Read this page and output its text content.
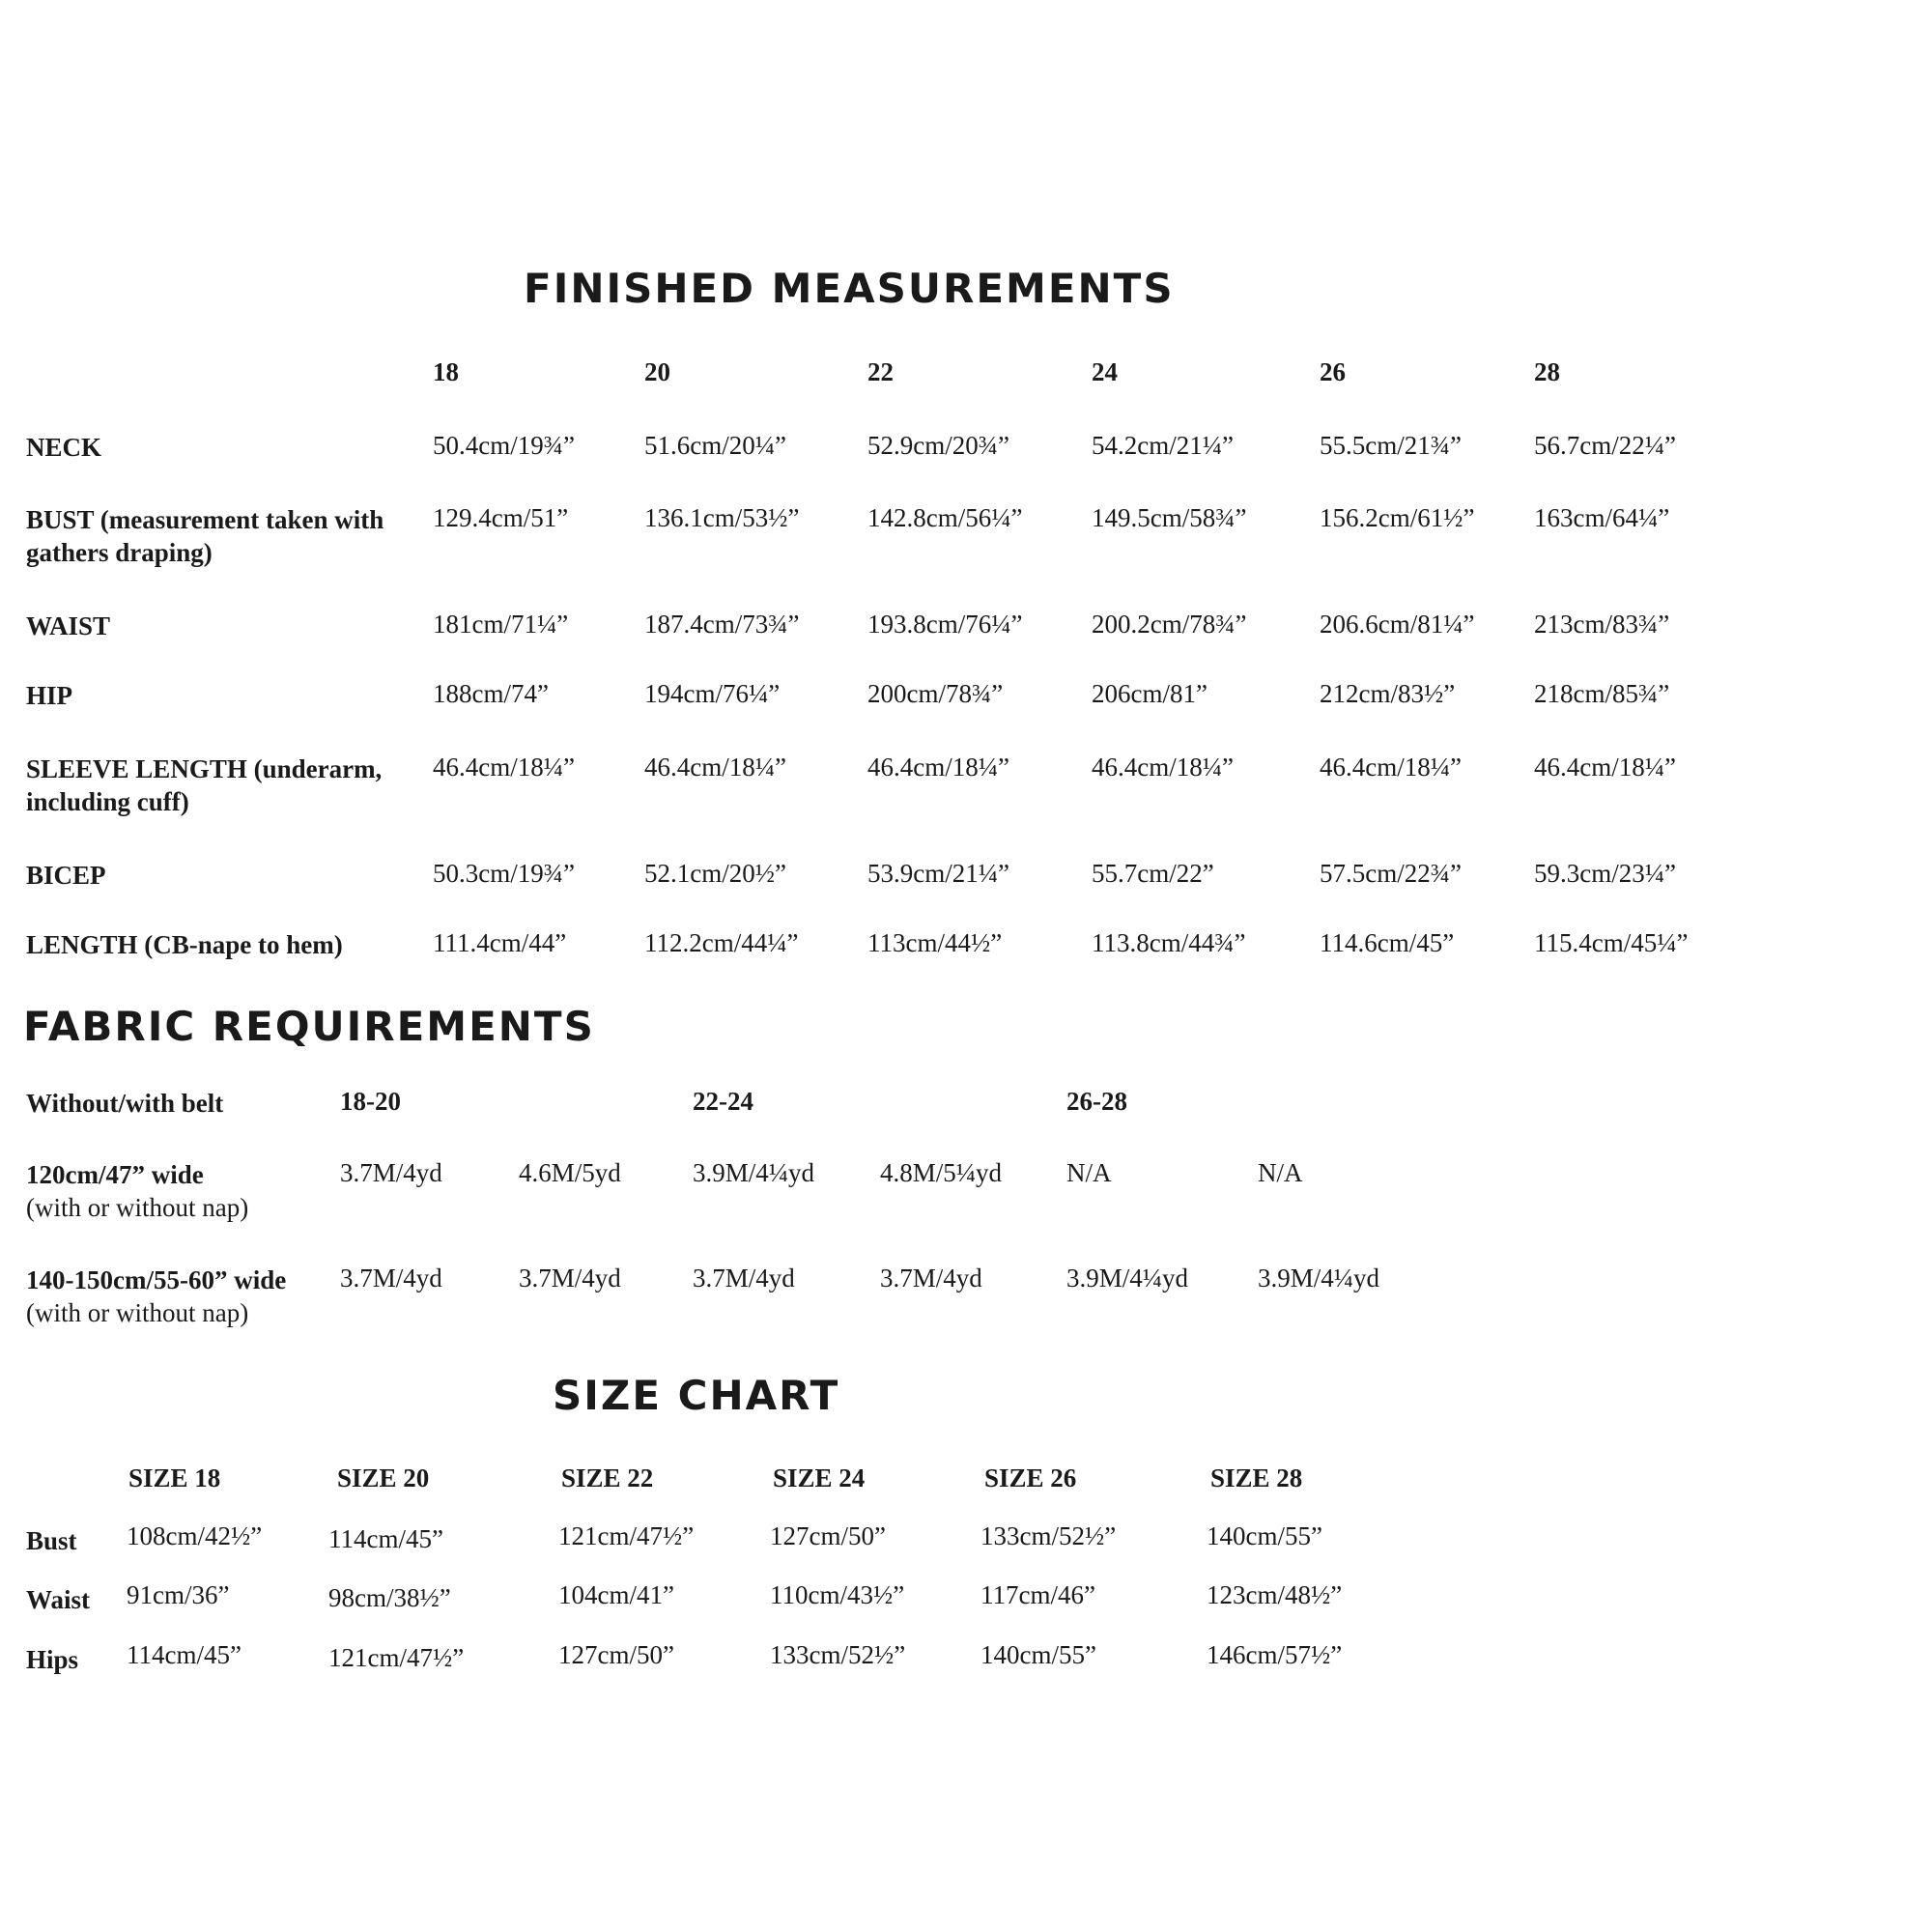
FINISHED MEASUREMENTS
18	20	22	24	26	28
NECK	50.4cm/19¾”	51.6cm/20¼”	52.9cm/20¾”	54.2cm/21¼”	55.5cm/21¾”	56.7cm/22¼”
BUST (measurement taken with
gathers draping)
129.4cm/51”	136.1cm/53½”	142.8cm/56¼”	149.5cm/58¾”	156.2cm/61½” 163cm/64¼”
WAIST	181cm/71¼”	187.4cm/73¾”	193.8cm/76¼”	200.2cm/78¾”	206.6cm/81¼” 213cm/83¾”
HIP	188cm/74”	194cm/76¼”	200cm/78¾”	206cm/81”	212cm/83½”	218cm/85¾”
SLEEVE LENGTH (underarm,
including cuff)
46.4cm/18¼”	46.4cm/18¼”	46.4cm/18¼”	46.4cm/18¼”	46.4cm/18¼”	46.4cm/18¼”
BICEP	50.3cm/19¾”	52.1cm/20½”	53.9cm/21¼”	55.7cm/22”	57.5cm/22¾”	59.3cm/23¼”
LENGTH (CB-nape to hem)	111.4cm/44”	112.2cm/44¼”	113cm/44½”	113.8cm/44¾”	114.6cm/45”	115.4cm/45¼”
FABRIC REQUIREMENTS
Without/with belt	18-20	22-24	26-28
120cm/47” wide
(with or without nap)
3.7M/4yd	4.6M/5yd	3.9M/4¼yd	4.8M/5¼yd N/A	N/A
140-150cm/55-60” wide
(with or without nap)
3.7M/4yd	3.7M/4yd	3.7M/4yd	3.7M/4yd	3.9M/4¼yd	3.9M/4¼yd
SIZE CHART
SIZE 18	SIZE 20	SIZE 22	SIZE 24	SIZE 26	SIZE 28
Bust 108cm/42½”	114cm/45”	121cm/47½”	127cm/50”	133cm/52½”	140cm/55”
Waist 91cm/36”	98cm/38½”	104cm/41”	110cm/43½”	117cm/46”	123cm/48½”
Hips 114cm/45”	121cm/47½”	127cm/50”	133cm/52½”	140cm/55”	146cm/57½”
